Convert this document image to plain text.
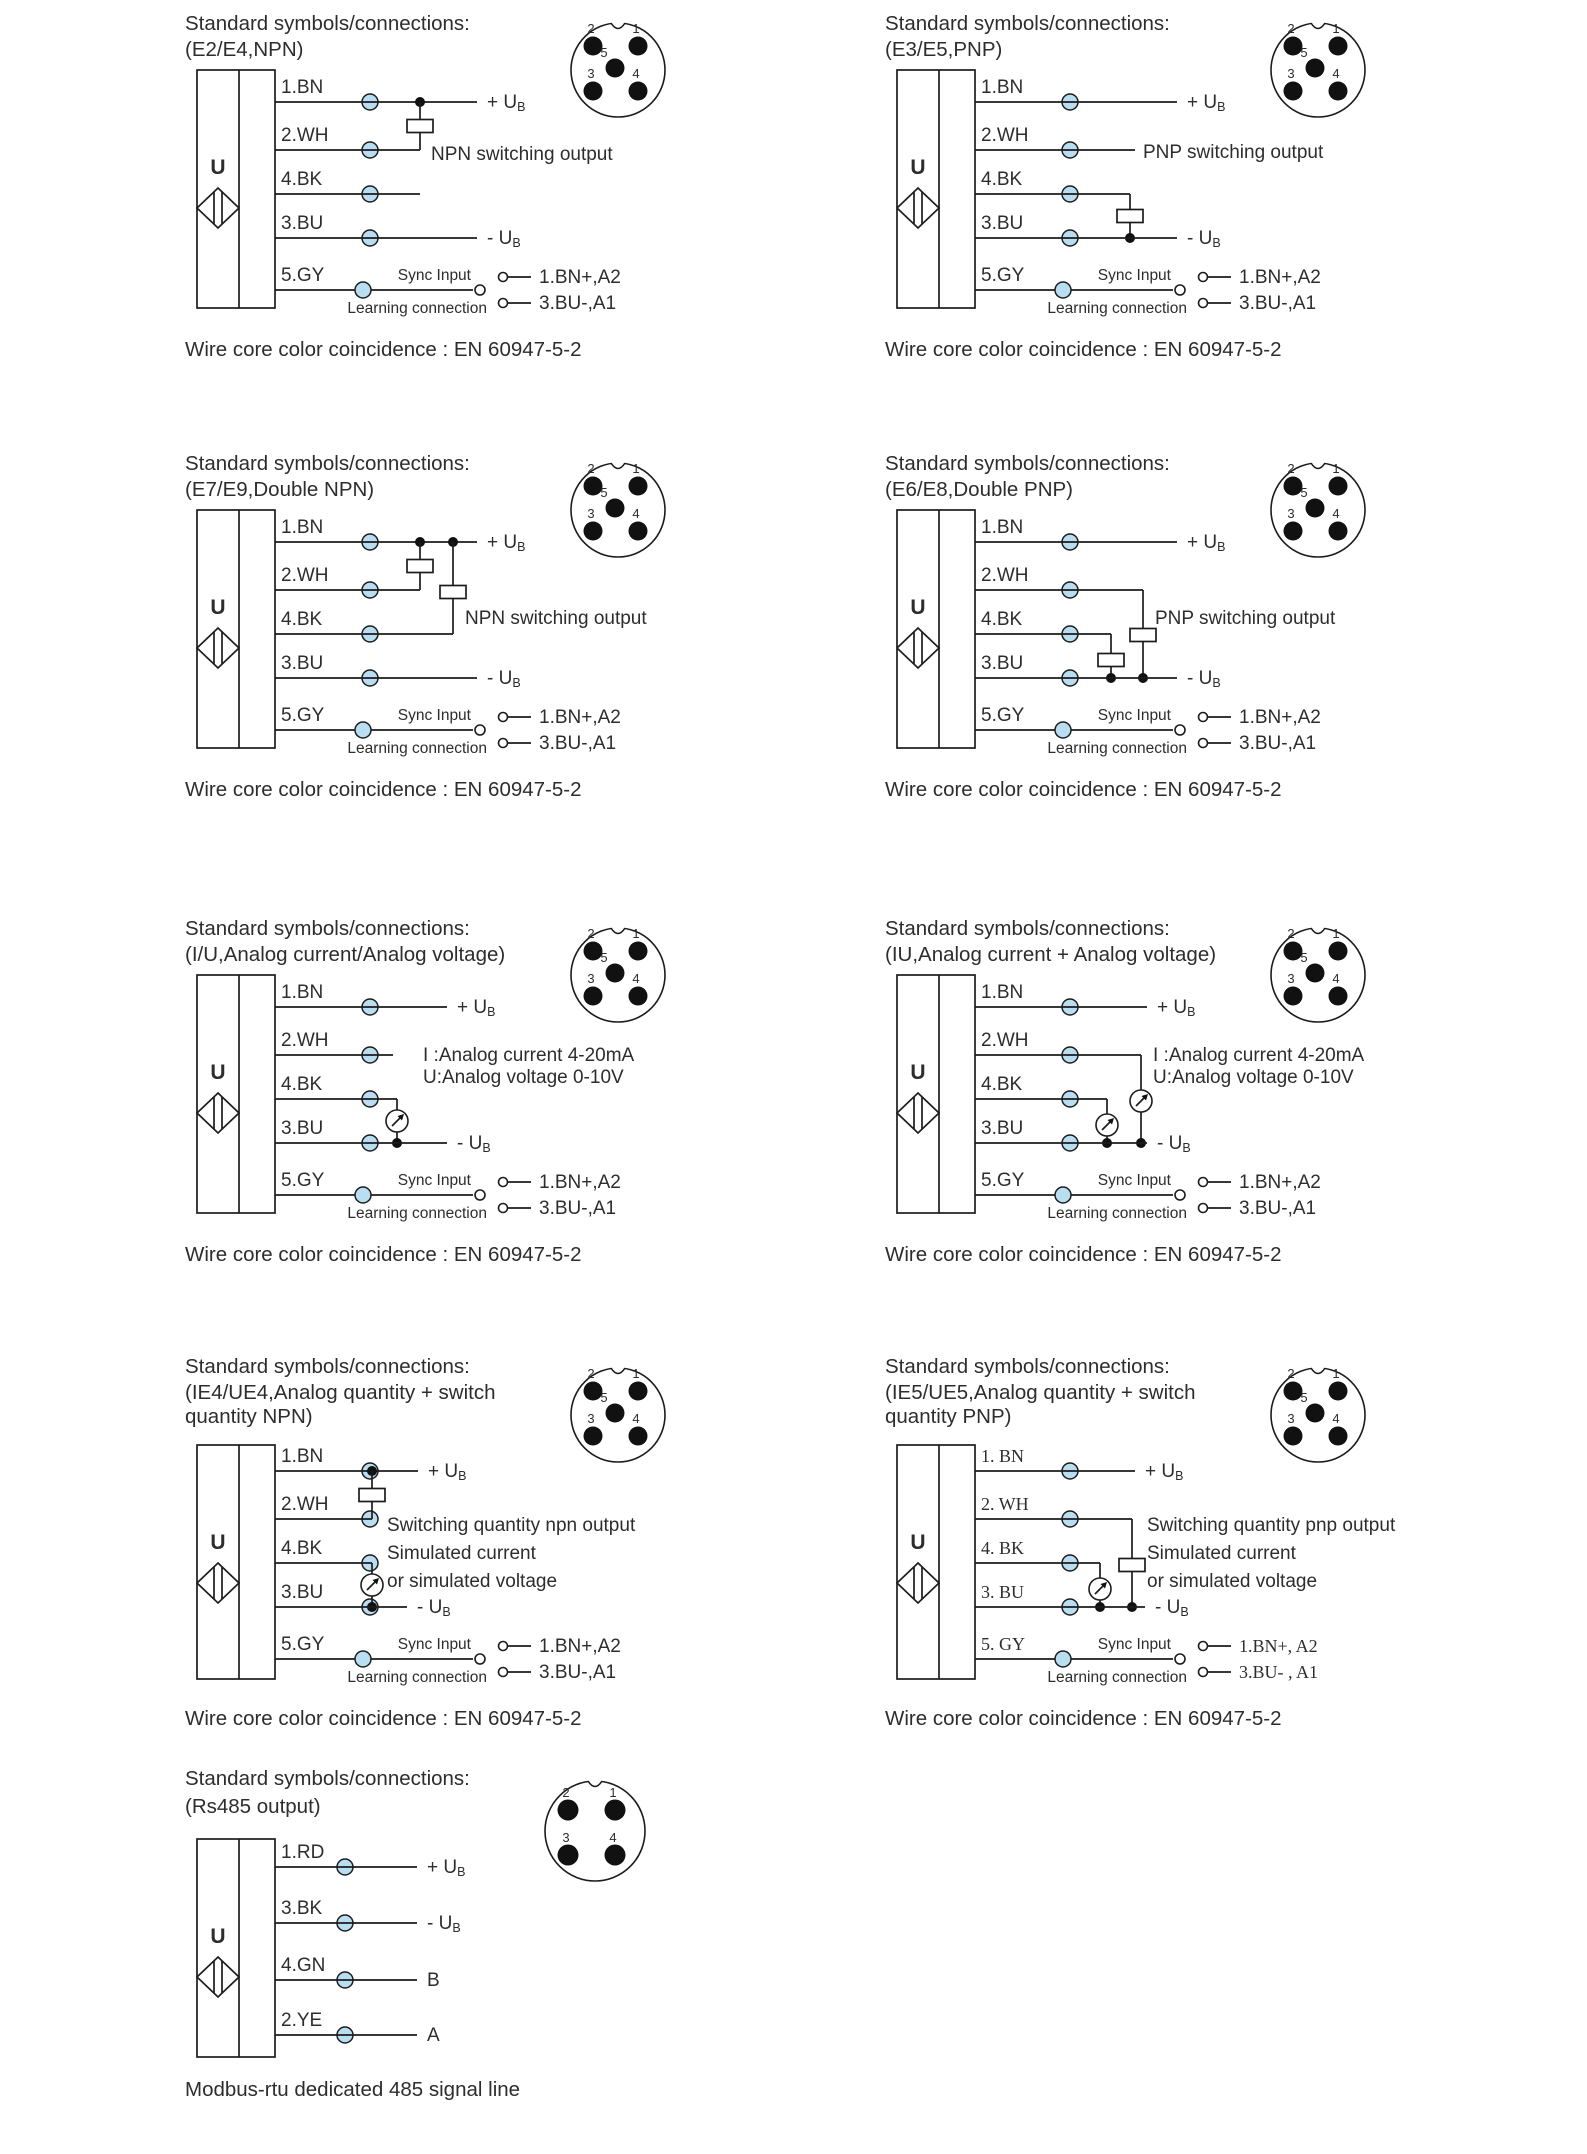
Standard symbols/connections:
(E2/E4,NPN)
U
2	1
5
3	4
1.BN
2.WH
4.BK
3.BU
5.GY
+ UB
- UB
NPN switching output
Sync Input
Learning connection
1.BN+,A2
3.BU-,A1
Wire core color coincidence : EN 60947-5-2
Standard symbols/connections:
(E3/E5,PNP)
U
2	1
5
3	4
1.BN
2.WH
4.BK
3.BU
5.GY
+ UB
- UB
PNP switching output
Sync Input
Learning connection
1.BN+,A2
3.BU-,A1
Wire core color coincidence : EN 60947-5-2
Standard symbols/connections:
(E7/E9,Double NPN)
U
2	1
5
3	4
1.BN
2.WH
4.BK
3.BU
5.GY
+ UB
- UB
NPN switching output
Sync Input
Learning connection
1.BN+,A2
3.BU-,A1
Wire core color coincidence : EN 60947-5-2
Standard symbols/connections:
(E6/E8,Double PNP)
U
2	1
5
3	4
1.BN
2.WH
4.BK
3.BU
5.GY
+ UB
- UB
PNP switching output
Sync Input
Learning connection
1.BN+,A2
3.BU-,A1
Wire core color coincidence : EN 60947-5-2
Standard symbols/connections:
(I/U,Analog current/Analog voltage)
U
2	1
5
3	4
1.BN
2.WH
4.BK
3.BU
5.GY
+ UB
- UB
I :Analog current 4-20mA
U:Analog voltage 0-10V
Sync Input
Learning connection
1.BN+,A2
3.BU-,A1
Wire core color coincidence : EN 60947-5-2
Standard symbols/connections:
(IU,Analog current + Analog voltage)
U
2	1
5
3	4
1.BN
2.WH
4.BK
3.BU
5.GY
+ UB
- UB
I :Analog current 4-20mA
U:Analog voltage 0-10V
Sync Input
Learning connection
1.BN+,A2
3.BU-,A1
Wire core color coincidence : EN 60947-5-2
Standard symbols/connections:
(IE4/UE4,Analog quantity + switch
quantity NPN)
U
2	1
5
3	4
1.BN
2.WH
4.BK
3.BU
5.GY
+ UB
- UB
Switching quantity npn output
Simulated current
or simulated voltage
Sync Input
Learning connection
1.BN+,A2
3.BU-,A1
Wire core color coincidence : EN 60947-5-2
Standard symbols/connections:
(IE5/UE5,Analog quantity + switch
quantity PNP)
U
2	1
5
3	4
1. BN
2. WH
4. BK
3. BU
5. GY
+ UB
- UB
Switching quantity pnp output
Simulated current
or simulated voltage
Sync Input
Learning connection
1.BN+, A2
3.BU- , A1
Wire core color coincidence : EN 60947-5-2
Standard symbols/connections:
(Rs485 output)
U
2	1
3	4
1.RD
3.BK
4.GN
2.YE
+ UB
- UB
B
A
Modbus-rtu dedicated 485 signal line
